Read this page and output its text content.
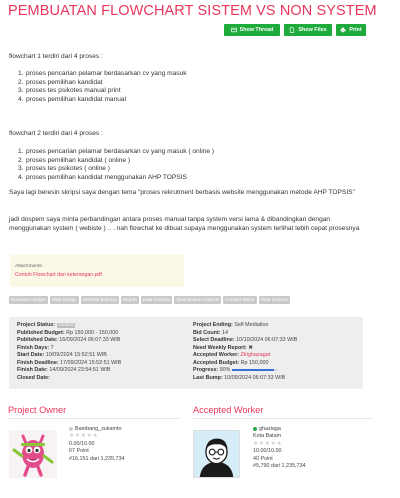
PEMBUATAN FLOWCHART SISTEM VS NON SYSTEM
Show Thread	Show Files	Print
flowchart 1 terdiri dari 4 proses :
1. proses pencarian pelamar berdasarkan cv yang masuk
2. proses pemilihan kandidat
3. proses tes psikotes manual print
4. proses pemilihan kandidat manual
flowchart 2 terdiri dari 4 proses :
1. proses pencarian pelamar berdasarkan cv yang masuk ( online )
2. proses pemilihan kandidat ( online )
3. proses tes psikotes ( online )
4. proses pemilihan kandidat menggunakan AHP TOPSIS
Saya lagi beresin skripsi saya dengan tema "proses rekrutment berbasis website menggunakan metode AHP TOPSIS"
jadi dospem saya minta perbandingan antara proses manual tanpa system versi lama & dibandingkan dengan menggunakan system ( webiste ) .. . nah flowchat ke dibuat supaya menggunakan system terlihat lebih cepat prosesnya
Attachments:
Contoh Flowchart dan keterangan.pdf
Business Analyst	Web Design	Website Building	Report	Data Analysis	Quantitative Analysis	Content Writer	Data Science
Project Status: Closed
Published Budget: Rp 150,000 - 150,000
Published Date: 16/09/2024 06:07:33 WIB
Finish Days: 7
Start Date: 10/09/2024 15:52:51 WIB
Finish Deadline: 17/09/2024 15:52:51 WIB
Finish Date: 14/09/2024 23:54:51 WIB
Closed Date:
Project Ending: Self Mediation
Bid Count: 14
Select Deadline: 10/10/2024 06:07:33 WIB
Need Weekly Report: ✖
Accepted Worker: Zlrighazagat
Accepted Budget: Rp 150,000
Progress: 90%
Last Bump: 10/09/2024 06:07:33 WIB
Project Owner	Accepted Worker
Bambang_sukamto
★★★★★
0.00/10.00
67 Point
#16,151 dari 1,235,734
ghaziaga
Kota Batam
★★★★★
10.00/10.00
40 Point
#5,790 dari 1,235,734
